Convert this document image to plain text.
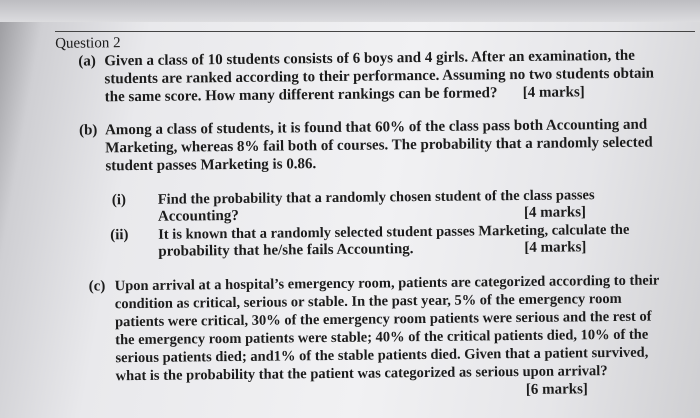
Question 2
(a) Given a class of 10 students consists of 6 boys and 4 girls. After an examination, the
students are ranked according to their performance. Assuming no two students obtain
the same score. How many different rankings can be formed? [4 marks]
(b) Among a class of students, it is found that 60% of the class pass both Accounting and
Marketing, whereas 8% fail both of courses. The probability that a randomly selected
student passes Marketing is 0.86.
(i) Find the probability that a randomly chosen student of the class passes
Accounting?	[4 marks]
(ii) It is known that a randomly selected student passes Marketing, calculate the
probability that he/she fails Accounting.	[4 marks]
(c) Upon arrival at a hospital’s emergency room, patients are categorized according to their
condition as critical, serious or stable. In the past year, 5% of the emergency room
patients were critical, 30% of the emergency room patients were serious and the rest of
the emergency room patients were stable; 40% of the critical patients died, 10% of the
serious patients died; and1% of the stable patients died. Given that a patient survived,
what is the probability that the patient was categorized as serious upon arrival?
[6 marks]
